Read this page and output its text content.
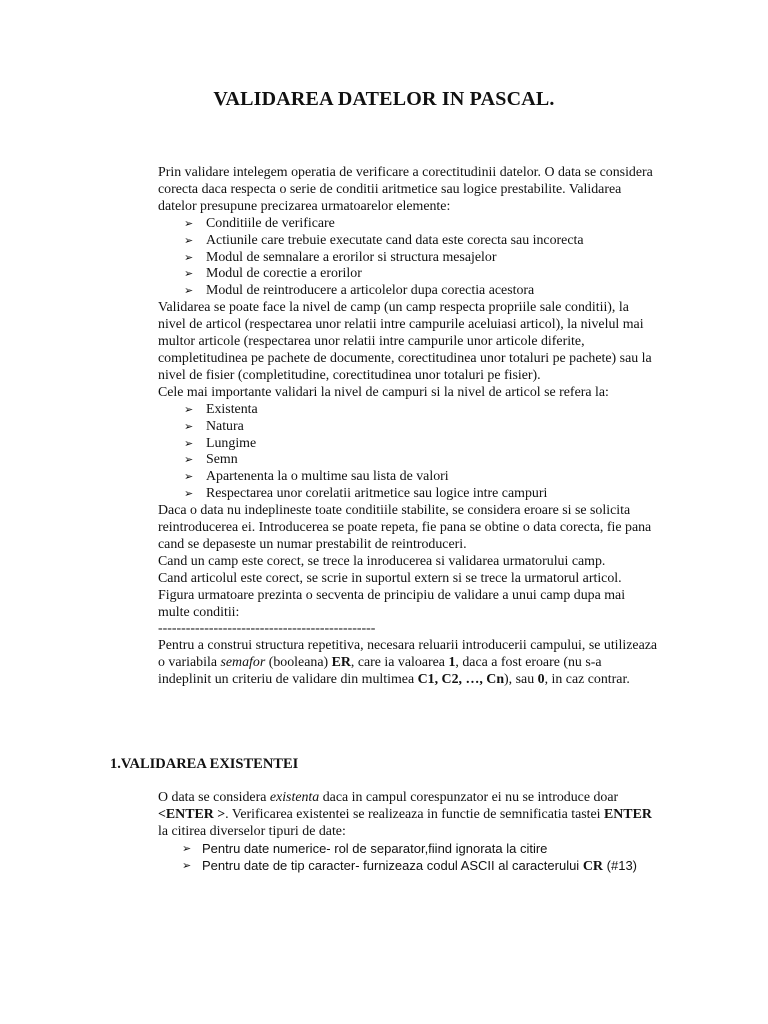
VALIDAREA DATELOR IN PASCAL.

Prin validare intelegem operatia de verificare a corectitudinii datelor. O data se considera corecta daca respecta o serie de conditii aritmetice sau logice prestabilite. Validarea datelor presupune precizarea urmatoarelor elemente:

➢ Conditiile de verificare
➢ Actiunile care trebuie executate cand data este corecta sau incorecta
➢ Modul de semnalare a erorilor si structura mesajelor
➢ Modul de corectie a erorilor
➢ Modul de reintroducere a articolelor dupa corectia acestora

Validarea se poate face la nivel de camp (un camp respecta propriile sale conditii), la nivel de articol (respectarea unor relatii intre campurile aceluiasi articol), la nivelul mai multor articole (respectarea unor relatii intre campurile unor articole diferite, completitudinea pe pachete de documente, corectitudinea unor totaluri pe pachete) sau la nivel de fisier (completitudine, corectitudinea unor totaluri pe fisier).

Cele mai importante validari la nivel de campuri si la nivel de articol se refera la:

➢ Existenta
➢ Natura
➢ Lungime
➢ Semn
➢ Apartenenta la o multime sau lista de valori
➢ Respectarea unor corelatii aritmetice sau logice intre campuri

Daca o data nu indeplineste toate conditiile stabilite, se considera eroare si se solicita reintroducerea ei. Introducerea se poate repeta, fie pana se obtine o data corecta, fie pana cand se depaseste un numar prestabilit de reintroduceri.

Cand un camp este corect, se trece la inroducerea si validarea urmatorului camp.

Cand articolul este corect, se scrie in suportul extern si se trece la urmatorul articol.

Figura urmatoare prezinta o secventa de principiu de validare a unui camp dupa mai multe conditii:

-----------------------------------------------

Pentru a construi structura repetitiva, necesara reluarii introducerii campului, se utilizeaza o variabila semafor (booleana) ER, care ia valoarea 1, daca a fost eroare (nu s-a indeplinit un criteriu de validare din multimea C1, C2, …, Cn), sau 0, in caz contrar.

1.VALIDAREA EXISTENTEI

O data se considera existenta daca in campul corespunzator ei nu se introduce doar <ENTER >. Verificarea existentei se realizeaza in functie de semnificatia tastei ENTER la citirea diverselor tipuri de date:

➢ Pentru date numerice- rol de separator,fiind ignorata la citire
➢ Pentru date de tip caracter- furnizeaza codul ASCII al caracterului CR (#13)
